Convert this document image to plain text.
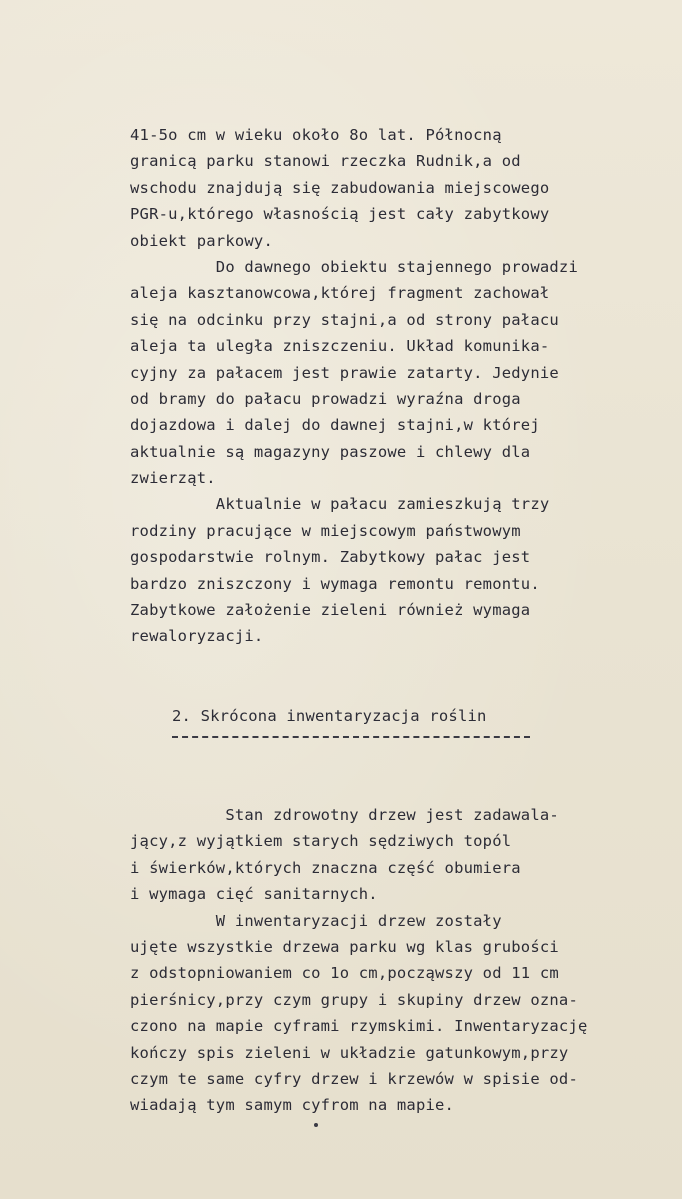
41-5o cm w wieku około 8o lat. Północną
granicą parku stanowi rzeczka Rudnik,a od
wschodu znajdują się zabudowania miejscowego
PGR-u,którego własnością jest cały zabytkowy
obiekt parkowy.
Do dawnego obiektu stajennego prowadzi
aleja kasztanowcowa,której fragment zachował
się na odcinku przy stajni,a od strony pałacu
aleja ta uległa zniszczeniu. Układ komunika-
cyjny za pałacem jest prawie zatarty. Jedynie
od bramy do pałacu prowadzi wyraźna droga
dojazdowa i dalej do dawnej stajni,w której
aktualnie są magazyny paszowe i chlewy dla
zwierząt.
Aktualnie w pałacu zamieszkują trzy
rodziny pracujące w miejscowym państwowym
gospodarstwie rolnym. Zabytkowy pałac jest
bardzo zniszczony i wymaga remontu remontu.
Zabytkowe założenie zieleni również wymaga
rewaloryzacji.
2. Skrócona inwentaryzacja roślin
Stan zdrowotny drzew jest zadawala-
jący,z wyjątkiem starych sędziwych topól
i świerków,których znaczna część obumiera
i wymaga cięć sanitarnych.
W inwentaryzacji drzew zostały
ujęte wszystkie drzewa parku wg klas grubości
z odstopniowaniem co 1o cm,począwszy od 11 cm
pierśnicy,przy czym grupy i skupiny drzew ozna-
czono na mapie cyframi rzymskimi. Inwentaryzację
kończy spis zieleni w układzie gatunkowym,przy
czym te same cyfry drzew i krzewów w spisie od-
wiadają tym samym cyfrom na mapie.
